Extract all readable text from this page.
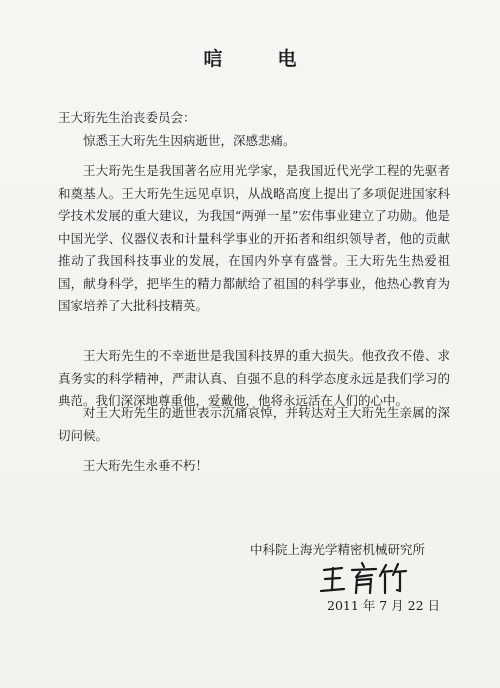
唁　电
王大珩先生治丧委员会：

惊悉王大珩先生因病逝世，深感悲痛。

王大珩先生是我国著名应用光学家，是我国近代光学工程的先驱者和奠基人。王大珩先生远见卓识，从战略高度上提出了多项促进国家科学技术发展的重大建议，为我国“两弹一星”宏伟事业建立了功勋。他是中国光学、仪器仪表和计量科学事业的开拓者和组织领导者，他的贡献推动了我国科技事业的发展，在国内外享有盛誉。王大珩先生热爱祖国，献身科学，把毕生的精力都献给了祖国的科学事业，他热心教育为国家培养了大批科技精英。

王大珩先生的不幸逝世是我国科技界的重大损失。他孜孜不倦、求真务实的科学精神，严肃认真、自强不息的科学态度永远是我们学习的典范。我们深深地尊重他，爱戴他，他将永远活在人们的心中。

对王大珩先生的逝世表示沉痛哀悼，并转达对王大珩先生亲属的深切问候。

王大珩先生永垂不朽！

中科院上海光学精密机械研究所
2011 年 7 月 22 日
